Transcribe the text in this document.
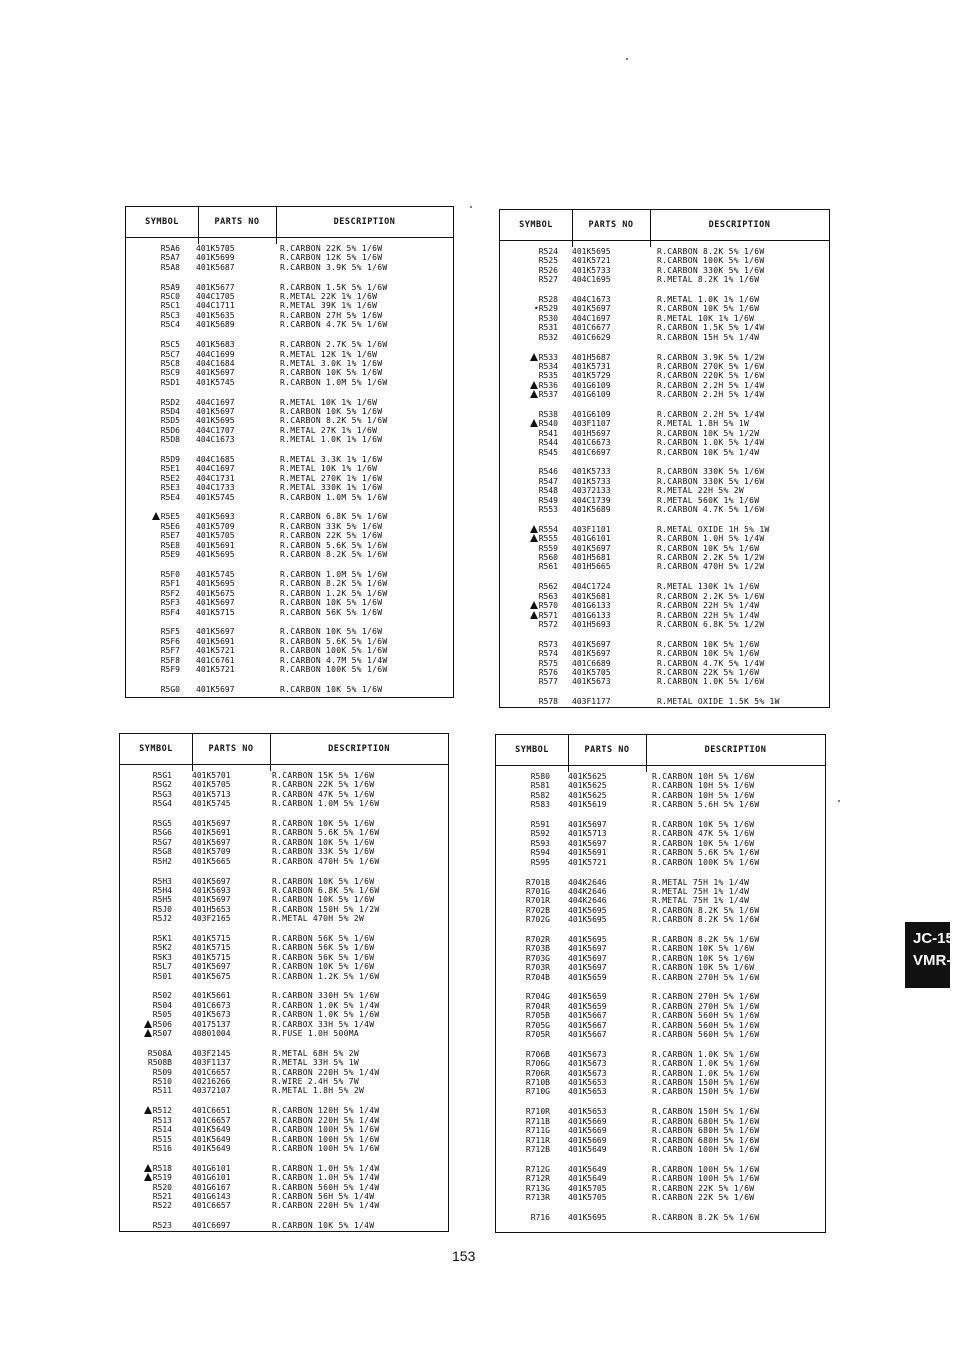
SYMBOL	PARTS NO	DESCRIPTION
R5A6 401K5705	R.CARBON 22K 5% 1/6W
R5A7 401K5699	R.CARBON 12K 5% 1/6W
R5A8 401K5687	R.CARBON 3.9K 5% 1/6W
R5A9 401K5677	R.CARBON 1.5K 5% 1/6W
R5C0 404C1705	R.METAL 22K 1% 1/6W
R5C1 404C1711	R.METAL 39K 1% 1/6W
R5C3 401K5635	R.CARBON 27H 5% 1/6W
R5C4 401K5689	R.CARBON 4.7K 5% 1/6W
R5C5 401K5683	R.CARBON 2.7K 5% 1/6W
R5C7 404C1699	R.METAL 12K 1% 1/6W
R5C8 404C1684	R.METAL 3.0K 1% 1/6W
R5C9 401K5697	R.CARBON 10K 5% 1/6W
R5D1 401K5745	R.CARBON 1.0M 5% 1/6W
R5D2 404C1697	R.METAL 10K 1% 1/6W
R5D4 401K5697	R.CARBON 10K 5% 1/6W
R5D5 401K5695	R.CARBON 8.2K 5% 1/6W
R5D6 404C1707	R.METAL 27K 1% 1/6W
R5D8 404C1673	R.METAL 1.0K 1% 1/6W
R5D9 404C1685	R.METAL 3.3K 1% 1/6W
R5E1 404C1697	R.METAL 10K 1% 1/6W
R5E2 404C1731	R.METAL 270K 1% 1/6W
R5E3 404C1733	R.METAL 330K 1% 1/6W
R5E4 401K5745	R.CARBON 1.0M 5% 1/6W
R5E5 401K5693	R.CARBON 6.8K 5% 1/6W
R5E6 401K5709	R.CARBON 33K 5% 1/6W
R5E7 401K5705	R.CARBON 22K 5% 1/6W
R5E8 401K5691	R.CARBON 5.6K 5% 1/6W
R5E9 401K5695	R.CARBON 8.2K 5% 1/6W
R5F0 401K5745	R.CARBON 1.0M 5% 1/6W
R5F1 401K5695	R.CARBON 8.2K 5% 1/6W
R5F2 401K5675	R.CARBON 1.2K 5% 1/6W
R5F3 401K5697	R.CARBON 10K 5% 1/6W
R5F4 401K5715	R.CARBON 56K 5% 1/6W
R5F5 401K5697	R.CARBON 10K 5% 1/6W
R5F6 401K5691	R.CARBON 5.6K 5% 1/6W
R5F7 401K5721	R.CARBON 100K 5% 1/6W
R5F8 401C6761	R.CARBON 4.7M 5% 1/4W
R5F9 401K5721	R.CARBON 100K 5% 1/6W
R5G0 401K5697	R.CARBON 10K 5% 1/6W
SYMBOL	PARTS NO	DESCRIPTION
R524 401K5695	R.CARBON 8.2K 5% 1/6W
R525 401K5721	R.CARBON 100K 5% 1/6W
R526 401K5733	R.CARBON 330K 5% 1/6W
R527 404C1695	R.METAL 8.2K 1% 1/6W
R528 404C1673	R.METAL 1.0K 1% 1/6W
•R529 401K5697	R.CARBON 10K 5% 1/6W
R530 404C1697	R.METAL 10K 1% 1/6W
R531 401C6677	R.CARBON 1.5K 5% 1/4W
R532 401C6629	R.CARBON 15H 5% 1/4W
R533 401H5687	R.CARBON 3.9K 5% 1/2W
R534 401K5731	R.CARBON 270K 5% 1/6W
R535 401K5729	R.CARBON 220K 5% 1/6W
R536 401G6109	R.CARBON 2.2H 5% 1/4W
R537 401G6109	R.CARBON 2.2H 5% 1/4W
R538 401G6109	R.CARBON 2.2H 5% 1/4W
R540 403F1107	R.METAL 1.8H 5% 1W
R541 401H5697	R.CARBON 10K 5% 1/2W
R544 401C6673	R.CARBON 1.0K 5% 1/4W
R545 401C6697	R.CARBON 10K 5% 1/4W
R546 401K5733	R.CARBON 330K 5% 1/6W
R547 401K5733	R.CARBON 330K 5% 1/6W
R548 40372133	R.METAL 22H 5% 2W
R549 404C1739	R.METAL 560K 1% 1/6W
R553 401K5689	R.CARBON 4.7K 5% 1/6W
R554 403F1101	R.METAL OXIDE 1H 5% 1W
R555 401G6101	R.CARBON 1.0H 5% 1/4W
R559 401K5697	R.CARBON 10K 5% 1/6W
R560 401H5681	R.CARBON 2.2K 5% 1/2W
R561 401H5665	R.CARBON 470H 5% 1/2W
R562 404C1724	R.METAL 130K 1% 1/6W
R563 401K5681	R.CARBON 2.2K 5% 1/6W
R570 401G6133	R.CARBON 22H 5% 1/4W
R571 401G6133	R.CARBON 22H 5% 1/4W
R572 401H5693	R.CARBON 6.8K 5% 1/2W
R573 401K5697	R.CARBON 10K 5% 1/6W
R574 401K5697	R.CARBON 10K 5% 1/6W
R575 401C6689	R.CARBON 4.7K 5% 1/4W
R576 401K5705	R.CARBON 22K 5% 1/6W
R577 401K5673	R.CARBON 1.0K 5% 1/6W
R578 403F1177	R.METAL OXIDE 1.5K 5% 1W
SYMBOL	PARTS NO	DESCRIPTION
R5G1	401K5701	R.CARBON 15K 5% 1/6W
R5G2	401K5705	R.CARBON 22K 5% 1/6W
R5G3	401K5713	R.CARBON 47K 5% 1/6W
R5G4	401K5745	R.CARBON 1.0M 5% 1/6W
R5G5	401K5697	R.CARBON 10K 5% 1/6W
R5G6	401K5691	R.CARBON 5.6K 5% 1/6W
R5G7	401K5697	R.CARBON 10K 5% 1/6W
R5G8	401K5709	R.CARBON 33K 5% 1/6W
R5H2	401K5665	R.CARBON 470H 5% 1/6W
R5H3	401K5697	R.CARBON 10K 5% 1/6W
R5H4	401K5693	R.CARBON 6.8K 5% 1/6W
R5H5	401K5697	R.CARBON 10K 5% 1/6W
R5J0	401H5653	R.CARBON 150H 5% 1/2W
R5J2	403F2165	R.METAL 470H 5% 2W
R5K1	401K5715	R.CARBON 56K 5% 1/6W
R5K2	401K5715	R.CARBON 56K 5% 1/6W
R5K3	401K5715	R.CARBON 56K 5% 1/6W
R5L7	401K5697	R.CARBON 10K 5% 1/6W
R501	401K5675	R.CARBON 1.2K 5% 1/6W
R502	401K5661	R.CARBON 330H 5% 1/6W
R504	401C6673	R.CARBON 1.0K 5% 1/4W
R505	401K5673	R.CARBON 1.0K 5% 1/6W
R506	40175137	R.CARBOX 33H 5% 1/4W
R507	40801004	R.FUSE 1.0H 500MA
R508A	403F2145	R.METAL 68H 5% 2W
R508B	403F1137	R.METAL 33H 5% 1W
R509	401C6657	R.CARBON 220H 5% 1/4W
R510	40216266	R.WIRE 2.4H 5% 7W
R511	40372107	R.METAL 1.8H 5% 2W
R512	401C6651	R.CARBON 120H 5% 1/4W
R513	401C6657	R.CARBON 220H 5% 1/4W
R514	401K5649	R.CARBON 100H 5% 1/6W
R515	401K5649	R.CARBON 100H 5% 1/6W
R516	401K5649	R.CARBON 100H 5% 1/6W
R518	401G6101	R.CARBON 1.0H 5% 1/4W
R519	401G6101	R.CARBON 1.0H 5% 1/4W
R520	401G6167	R.CARBON 560H 5% 1/4W
R521	401G6143	R.CARBON 56H 5% 1/4W
R522	401C6657	R.CARBON 220H 5% 1/4W
R523	401C6697	R.CARBON 10K 5% 1/4W
SYMBOL	PARTS NO	DESCRIPTION
R580 401K5625	R.CARBON 10H 5% 1/6W
R581 401K5625	R.CARBON 10H 5% 1/6W
R582 401K5625	R.CARBON 10H 5% 1/6W
R583 401K5619	R.CARBON 5.6H 5% 1/6W
R591 401K5697	R.CARBON 10K 5% 1/6W
R592 401K5713	R.CARBON 47K 5% 1/6W
R593 401K5697	R.CARBON 10K 5% 1/6W
R594 401K5691	R.CARBON 5.6K 5% 1/6W
R595 401K5721	R.CARBON 100K 5% 1/6W
R701B 404K2646	R.METAL 75H 1% 1/4W
R701G 404K2646	R.METAL 75H 1% 1/4W
R701R 404K2646	R.METAL 75H 1% 1/4W
R702B 401K5695	R.CARBON 8.2K 5% 1/6W
R702G 401K5695	R.CARBON 8.2K 5% 1/6W
R702R 401K5695	R.CARBON 8.2K 5% 1/6W
R703B 401K5697	R.CARBON 10K 5% 1/6W
R703G 401K5697	R.CARBON 10K 5% 1/6W
R703R 401K5697	R.CARBON 10K 5% 1/6W
R704B 401K5659	R.CARBON 270H 5% 1/6W
R704G 401K5659	R.CARBON 270H 5% 1/6W
R704R 401K5659	R.CARBON 270H 5% 1/6W
R705B 401K5667	R.CARBON 560H 5% 1/6W
R705G 401K5667	R.CARBON 560H 5% 1/6W
R705R 401K5667	R.CARBON 560H 5% 1/6W
R706B 401K5673	R.CARBON 1.0K 5% 1/6W
R706G 401K5673	R.CARBON 1.0K 5% 1/6W
R706R 401K5673	R.CARBON 1.0K 5% 1/6W
R710B 401K5653	R.CARBON 150H 5% 1/6W
R710G 401K5653	R.CARBON 150H 5% 1/6W
R710R 401K5653	R.CARBON 150H 5% 1/6W
R711B 401K5669	R.CARBON 680H 5% 1/6W
R711G 401K5669	R.CARBON 680H 5% 1/6W
R711R 401K5669	R.CARBON 680H 5% 1/6W
R712B 401K5649	R.CARBON 100H 5% 1/6W
R712G 401K5649	R.CARBON 100H 5% 1/6W
R712R 401K5649	R.CARBON 100H 5% 1/6W
R713G 401K5705	R.CARBON 22K 5% 1/6W
R713R 401K5705	R.CARBON 22K 5% 1/6W
R716 401K5695	R.CARBON 8.2K 5% 1/6W
153
JC-15
VMR-2
